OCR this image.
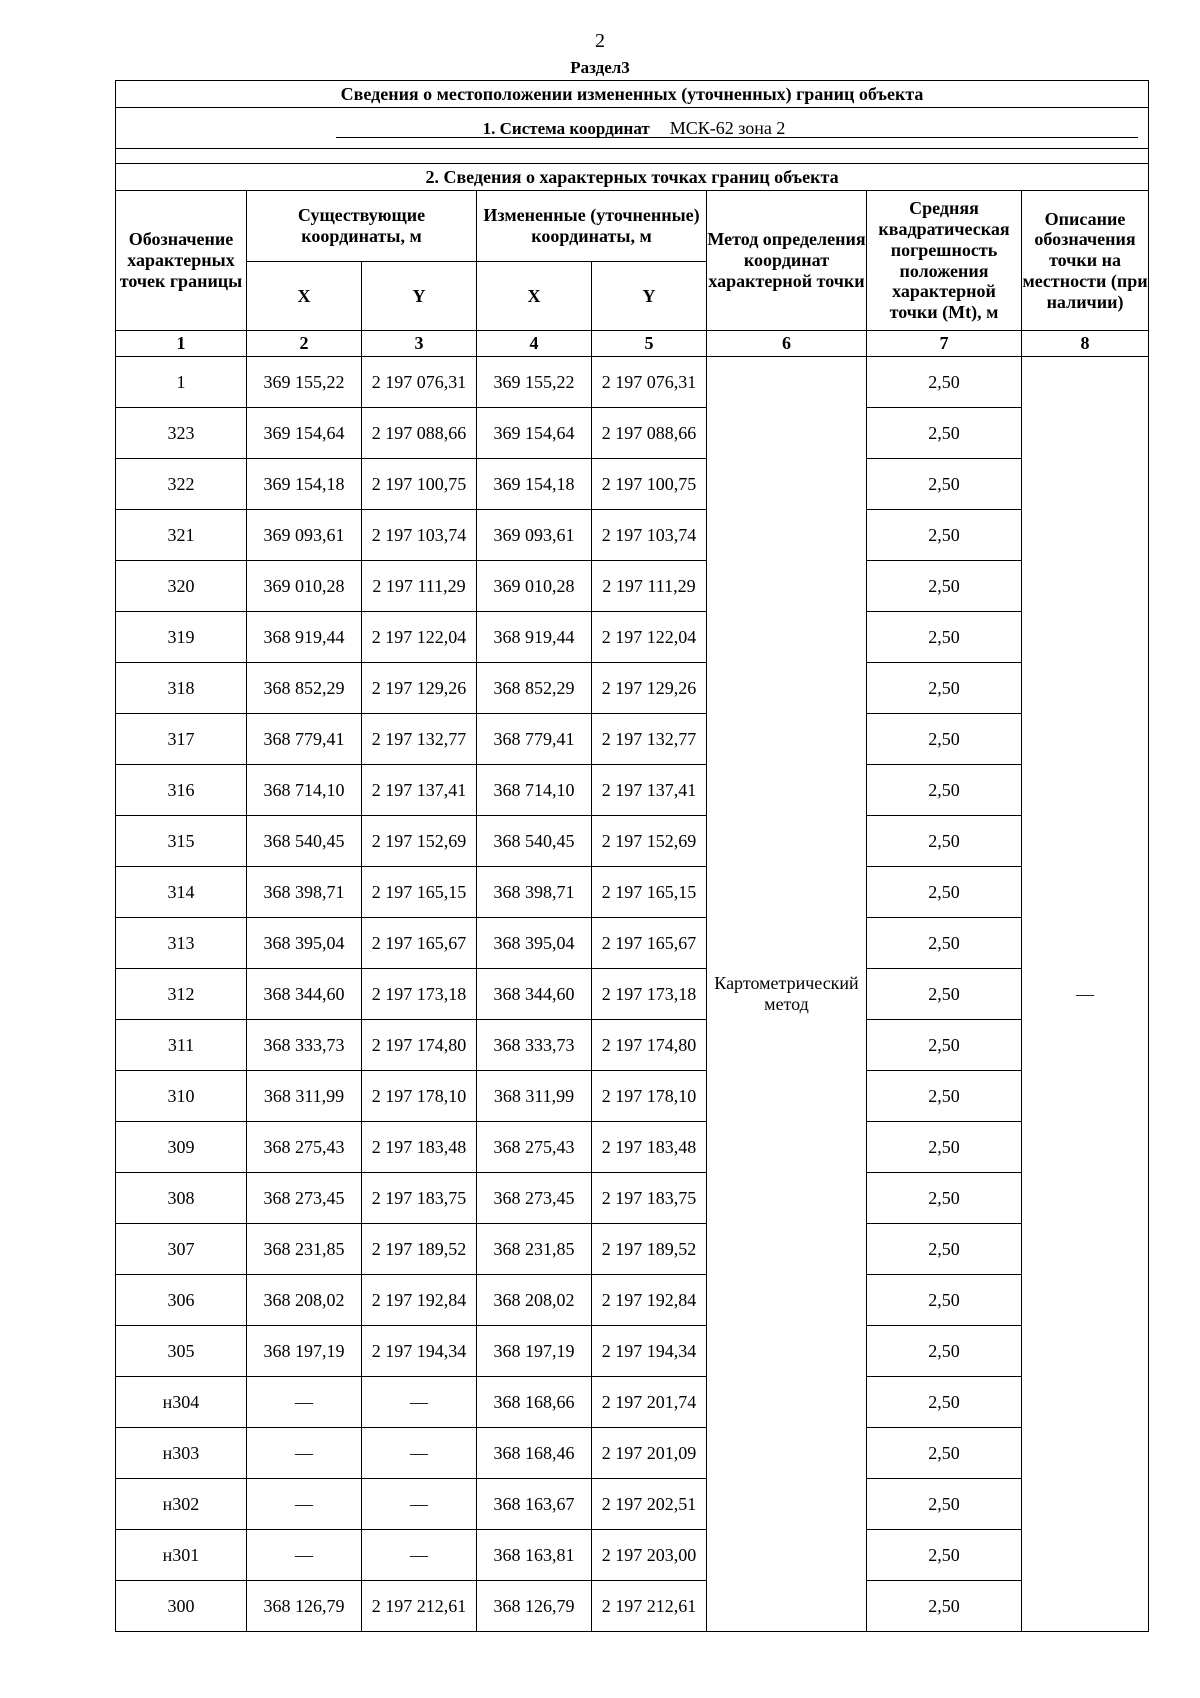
2
Раздел3
Сведения о местоположении измененных (уточненных) границ объекта							
1. Система координат МСК-62 зона 2							

2. Сведения о характерных точках границ объекта							
Обозначение характерных точек границы	Существующие координаты, м		Измененные (уточненные) координаты, м		Метод определения координат характерной точки	Средняя квадратическая погрешность положения характерной точки (Mt), м	Описание обозначения точки на местности (при наличии)
	X	Y	X	Y			
1	2	3	4	5	6	7	8
1	369 155,22	2 197 076,31	369 155,22	2 197 076,31	Картометрический метод	2,50	—
323	369 154,64	2 197 088,66	369 154,64	2 197 088,66		2,50	
322	369 154,18	2 197 100,75	369 154,18	2 197 100,75		2,50	
321	369 093,61	2 197 103,74	369 093,61	2 197 103,74		2,50	
320	369 010,28	2 197 111,29	369 010,28	2 197 111,29		2,50	
319	368 919,44	2 197 122,04	368 919,44	2 197 122,04		2,50	
318	368 852,29	2 197 129,26	368 852,29	2 197 129,26		2,50	
317	368 779,41	2 197 132,77	368 779,41	2 197 132,77		2,50	
316	368 714,10	2 197 137,41	368 714,10	2 197 137,41		2,50	
315	368 540,45	2 197 152,69	368 540,45	2 197 152,69		2,50	
314	368 398,71	2 197 165,15	368 398,71	2 197 165,15		2,50	
313	368 395,04	2 197 165,67	368 395,04	2 197 165,67		2,50	
312	368 344,60	2 197 173,18	368 344,60	2 197 173,18		2,50	
311	368 333,73	2 197 174,80	368 333,73	2 197 174,80		2,50	
310	368 311,99	2 197 178,10	368 311,99	2 197 178,10		2,50	
309	368 275,43	2 197 183,48	368 275,43	2 197 183,48		2,50	
308	368 273,45	2 197 183,75	368 273,45	2 197 183,75		2,50	
307	368 231,85	2 197 189,52	368 231,85	2 197 189,52		2,50	
306	368 208,02	2 197 192,84	368 208,02	2 197 192,84		2,50	
305	368 197,19	2 197 194,34	368 197,19	2 197 194,34		2,50	
н304	—	—	368 168,66	2 197 201,74		2,50	
н303	—	—	368 168,46	2 197 201,09		2,50	
н302	—	—	368 163,67	2 197 202,51		2,50	
н301	—	—	368 163,81	2 197 203,00		2,50	
300	368 126,79	2 197 212,61	368 126,79	2 197 212,61		2,50	
